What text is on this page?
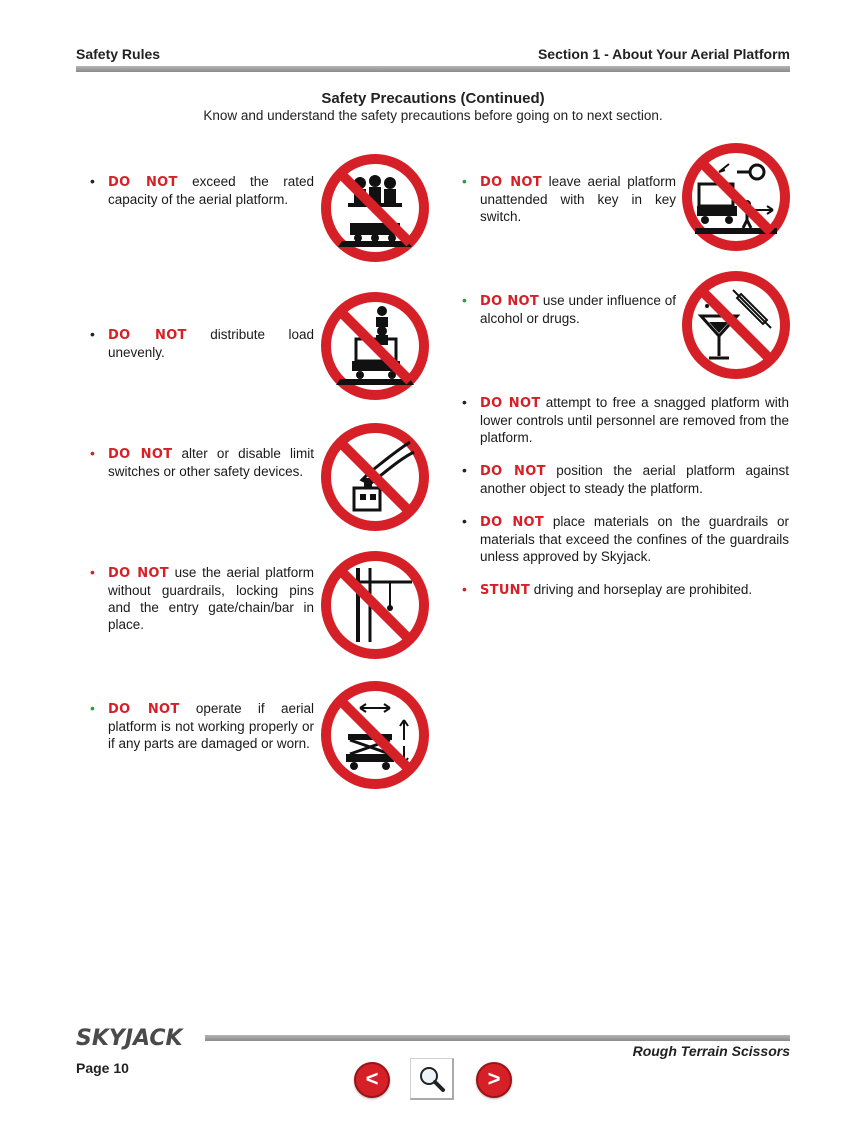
Safety Rules	Section 1 - About Your Aerial Platform
Safety Precautions (Continued)
Know and understand the safety precautions before going on to next section.
• DO NOT exceed the rated capacity of the aerial platform.
• DO NOT distribute load unevenly.
• DO NOT alter or disable limit switches or other safety devices.
• DO NOT use the aerial platform without guardrails, locking pins and the entry gate/chain/bar in place.
• DO NOT operate if aerial platform is not working properly or if any parts are damaged or worn.
• DO NOT leave aerial platform unattended with key in key switch.
• DO NOT use under influence of alcohol or drugs.
• DO NOT attempt to free a snagged platform with lower controls until personnel are removed from the platform.
• DO NOT position the aerial platform against another object to steady the platform.
• DO NOT place materials on the guardrails or materials that exceed the confines of the guardrails unless approved by Skyjack.
• STUNT driving and horseplay are prohibited.
SKYJACK
Page 10
Rough Terrain Scissors
<	>
